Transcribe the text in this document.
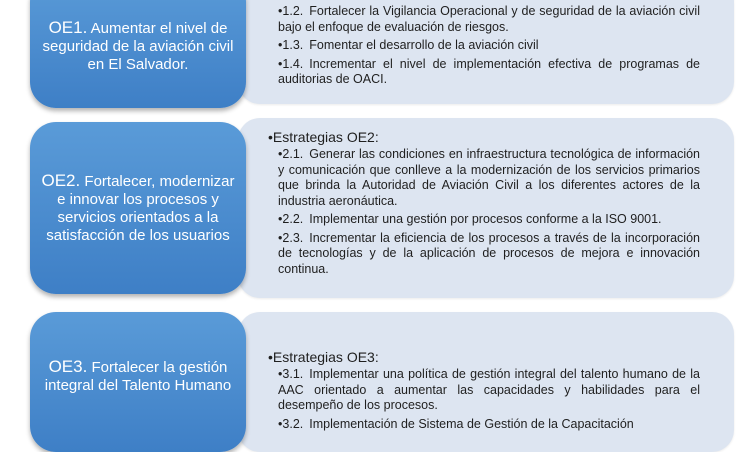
OE1. Aumentar el nivel de seguridad de la aviación civil en El Salvador.

•1.2. Fortalecer la Vigilancia Operacional y de seguridad de la aviación civil bajo el enfoque de evaluación de riesgos.
•1.3. Fomentar el desarrollo de la aviación civil
•1.4. Incrementar el nivel de implementación efectiva de programas de auditorias de OACI.

OE2. Fortalecer, modernizar e innovar los procesos y servicios orientados a la satisfacción de los usuarios

•Estrategias OE2:
•2.1. Generar las condiciones en infraestructura tecnológica de información y comunicación que conlleve a la modernización de los servicios primarios que brinda la Autoridad de Aviación Civil a los diferentes actores de la industria aeronáutica.
•2.2. Implementar una gestión por procesos conforme a la ISO 9001.
•2.3. Incrementar la eficiencia de los procesos a través de la incorporación de tecnologías y de la aplicación de procesos de mejora e innovación continua.

OE3. Fortalecer la gestión integral del Talento Humano

•Estrategias OE3:
•3.1. Implementar una política de gestión integral del talento humano de la AAC orientado a aumentar las capacidades y habilidades para el desempeño de los procesos.
•3.2. Implementación de Sistema de Gestión de la Capacitación
